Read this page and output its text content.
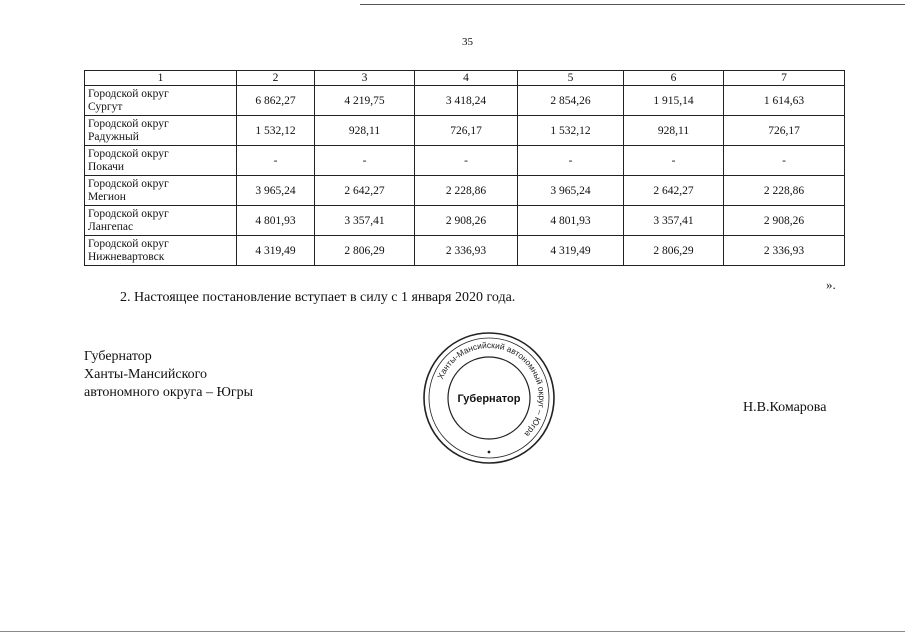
35
1	2	3	4	5	6	7
Городской округ
Сургут	6 862,27	4 219,75	3 418,24	2 854,26	1 915,14	1 614,63
Городской округ
Радужный	1 532,12	928,11	726,17	1 532,12	928,11	726,17
Городской округ
Покачи	-	-	-	-	-	-
Городской округ
Мегион	3 965,24	2 642,27	2 228,86	3 965,24	2 642,27	2 228,86
Городской округ
Лангепас	4 801,93	3 357,41	2 908,26	4 801,93	3 357,41	2 908,26
Городской округ
Нижневартовск	4 319,49	2 806,29	2 336,93	4 319,49	2 806,29	2 336,93
».
2. Настоящее постановление вступает в силу с 1 января 2020 года.
Губернатор
Ханты-Мансийского
автономного округа – Югры
Н.В.Комарова
Ханты-Мансийский автономный округ – Югра
Губернатор
